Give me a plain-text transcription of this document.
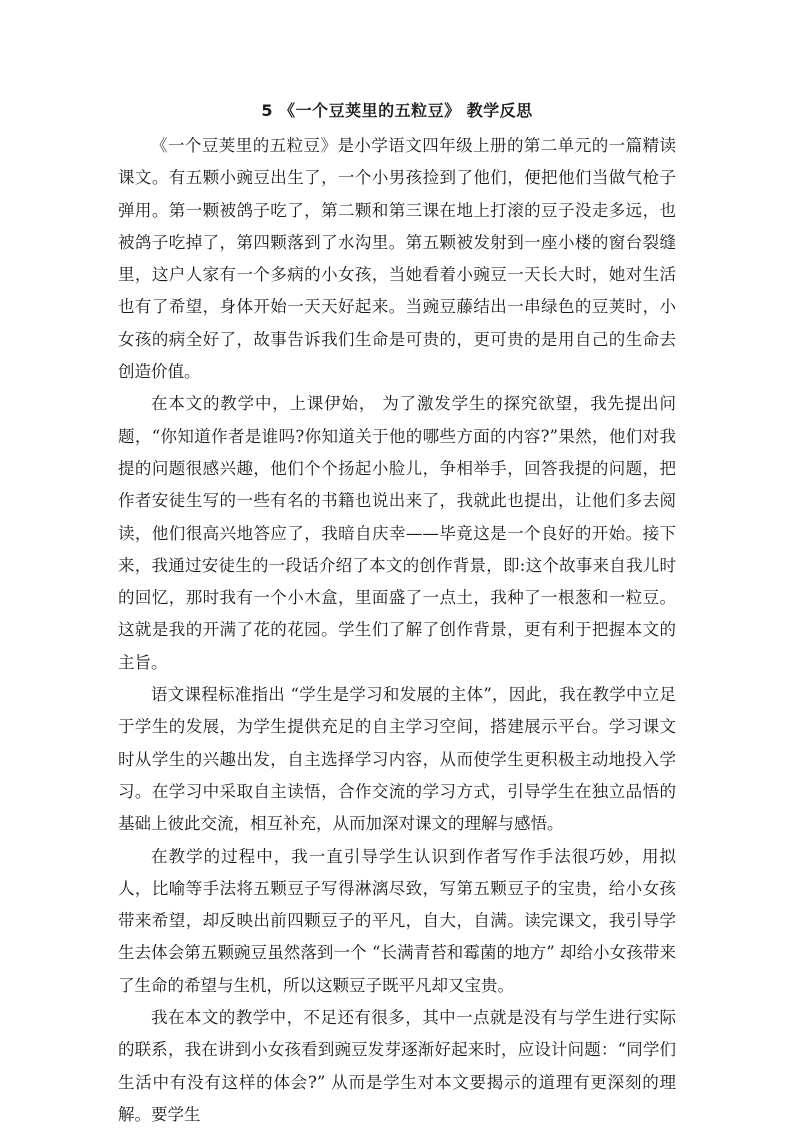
5 《一个豆荚里的五粒豆》 教学反思

《一个豆荚里的五粒豆》是小学语文四年级上册的第二单元的一篇精读课文。有五颗小豌豆出生了，一个小男孩捡到了他们，便把他们当做气枪子弹用。第一颗被鸽子吃了，第二颗和第三课在地上打滚的豆子没走多远，也被鸽子吃掉了，第四颗落到了水沟里。第五颗被发射到一座小楼的窗台裂缝里，这户人家有一个多病的小女孩，当她看着小豌豆一天长大时，她对生活也有了希望，身体开始一天天好起来。当豌豆藤结出一串绿色的豆荚时，小女孩的病全好了，故事告诉我们生命是可贵的，更可贵的是用自己的生命去创造价值。

在本文的教学中，上课伊始， 为了激发学生的探究欲望，我先提出问题，“你知道作者是谁吗?你知道关于他的哪些方面的内容?”果然，他们对我提的问题很感兴趣，他们个个扬起小脸儿，争相举手，回答我提的问题，把作者安徒生写的一些有名的书籍也说出来了，我就此也提出，让他们多去阅读，他们很高兴地答应了，我暗自庆幸——毕竟这是一个良好的开始。接下来，我通过安徒生的一段话介绍了本文的创作背景，即:这个故事来自我儿时的回忆，那时我有一个小木盒，里面盛了一点土，我种了一根葱和一粒豆。这就是我的开满了花的花园。学生们了解了创作背景，更有利于把握本文的主旨。

语文课程标准指出 “学生是学习和发展的主体”，因此，我在教学中立足于学生的发展，为学生提供充足的自主学习空间，搭建展示平台。学习课文时从学生的兴趣出发，自主选择学习内容，从而使学生更积极主动地投入学习。在学习中采取自主读悟，合作交流的学习方式，引导学生在独立品悟的基础上彼此交流，相互补充，从而加深对课文的理解与感悟。

在教学的过程中，我一直引导学生认识到作者写作手法很巧妙，用拟人，比喻等手法将五颗豆子写得淋漓尽致，写第五颗豆子的宝贵，给小女孩带来希望，却反映出前四颗豆子的平凡，自大，自满。读完课文，我引导学生去体会第五颗豌豆虽然落到一个 “长满青苔和霉菌的地方” 却给小女孩带来了生命的希望与生机，所以这颗豆子既平凡却又宝贵。

我在本文的教学中，不足还有很多，其中一点就是没有与学生进行实际的联系，我在讲到小女孩看到豌豆发芽逐渐好起来时，应设计问题：“同学们生活中有没有这样的体会?” 从而是学生对本文要揭示的道理有更深刻的理解。要学生
